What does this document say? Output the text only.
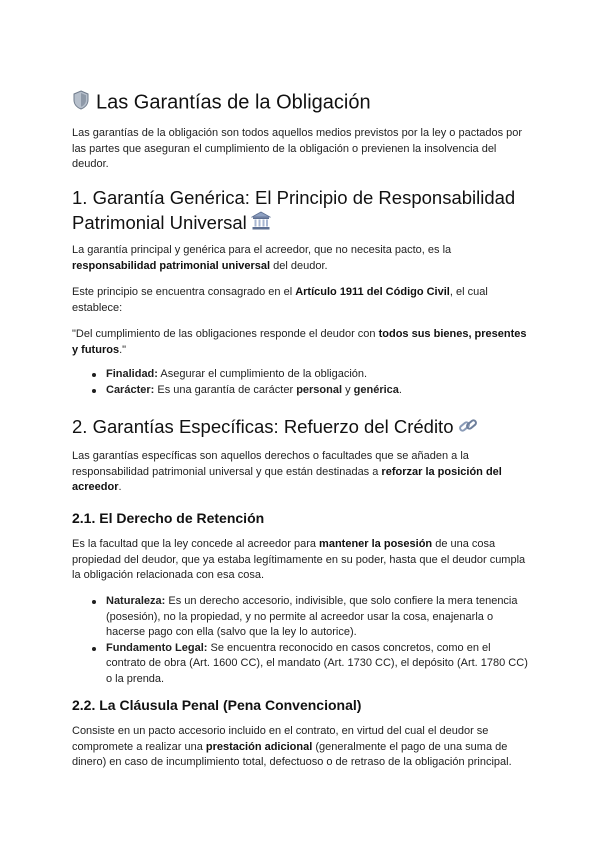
Las Garantías de la Obligación

Las garantías de la obligación son todos aquellos medios previstos por la ley o pactados por las partes que aseguran el cumplimiento de la obligación o previenen la insolvencia del deudor.

1. Garantía Genérica: El Principio de Responsabilidad
Patrimonial Universal

La garantía principal y genérica para el acreedor, que no necesita pacto, es la responsabilidad patrimonial universal del deudor.

Este principio se encuentra consagrado en el Artículo 1911 del Código Civil, el cual establece:

"Del cumplimiento de las obligaciones responde el deudor con todos sus bienes, presentes y futuros."

Finalidad: Asegurar el cumplimiento de la obligación.
Carácter: Es una garantía de carácter personal y genérica.
2. Garantías Específicas: Refuerzo del Crédito

Las garantías específicas son aquellos derechos o facultades que se añaden a la responsabilidad patrimonial universal y que están destinadas a reforzar la posición del acreedor.

2.1. El Derecho de Retención

Es la facultad que la ley concede al acreedor para mantener la posesión de una cosa propiedad del deudor, que ya estaba legítimamente en su poder, hasta que el deudor cumpla la obligación relacionada con esa cosa.

Naturaleza: Es un derecho accesorio, indivisible, que solo confiere la mera tenencia (posesión), no la propiedad, y no permite al acreedor usar la cosa, enajenarla o hacerse pago con ella (salvo que la ley lo autorice).
Fundamento Legal: Se encuentra reconocido en casos concretos, como en el contrato de obra (Art. 1600 CC), el mandato (Art. 1730 CC), el depósito (Art. 1780 CC) o la prenda.
2.2. La Cláusula Penal (Pena Convencional)

Consiste en un pacto accesorio incluido en el contrato, en virtud del cual el deudor se compromete a realizar una prestación adicional (generalmente el pago de una suma de dinero) en caso de incumplimiento total, defectuoso o de retraso de la obligación principal.
